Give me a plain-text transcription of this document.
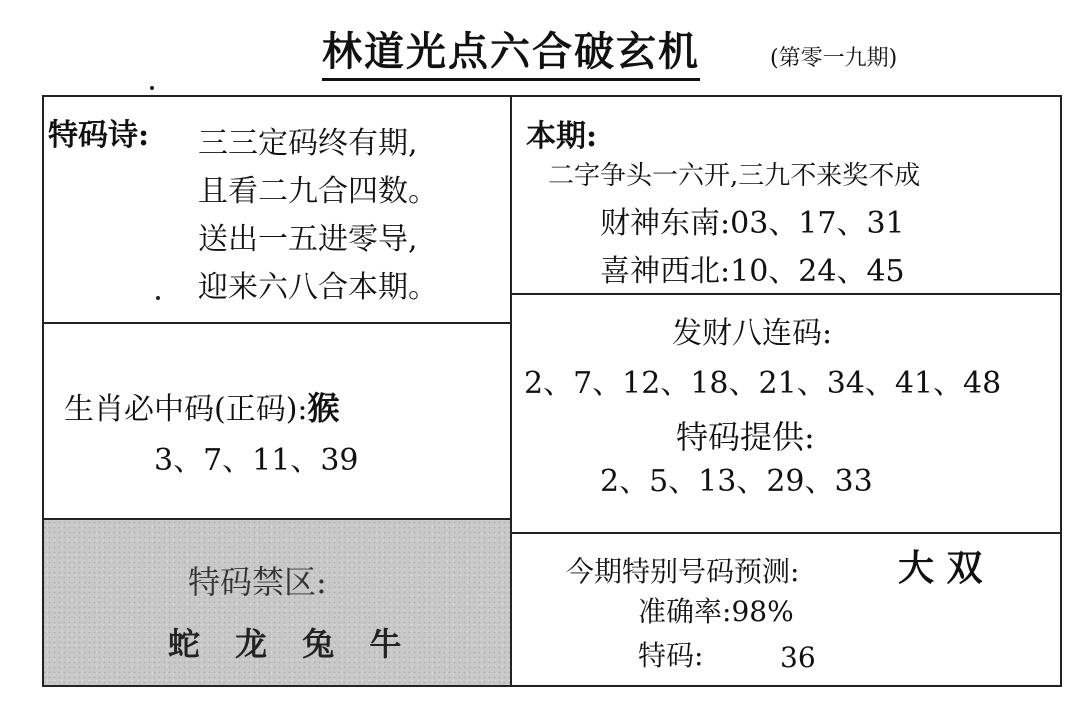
林道光点六合破玄机	(第零一九期)
特码诗: 三三定码终有期,
且看二九合四数。
送出一五进零导,
迎来六八合本期。
生肖必中码(正码):猴
3、7、11、39
特码禁区:
蛇 龙 兔 牛
本期:
二字争头一六开,三九不来奖不成
财神东南:03、17、31
喜神西北:10、24、45
发财八连码:
2、7、12、18、21、34、41、48
特码提供:
2、5、13、29、33
今期特别号码预测:	大 双
准确率:98%
特码:	36
